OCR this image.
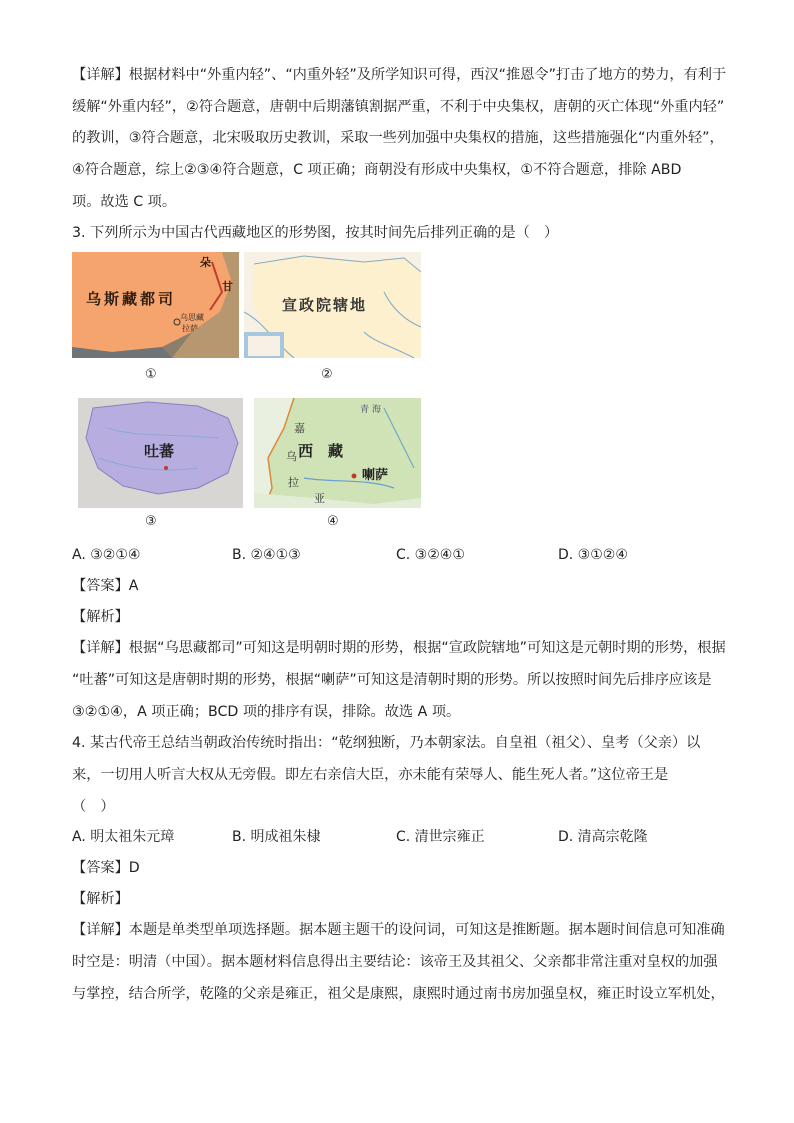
【详解】根据材料中“外重内轻”、“内重外轻”及所学知识可得，西汉“推恩令”打击了地方的势力，有利于
缓解“外重内轻”，②符合题意，唐朝中后期藩镇割据严重，不利于中央集权，唐朝的灭亡体现“外重内轻”
的教训，③符合题意，北宋吸取历史教训，采取一些列加强中央集权的措施，这些措施强化“内重外轻”，
④符合题意，综上②③④符合题意，C 项正确；商朝没有形成中央集权，①不符合题意，排除 ABD
项。故选 C 项。
3. 下列所示为中国古代西藏地区的形势图，按其时间先后排列正确的是（　）
乌斯藏都司
乌思藏
拉萨
朵
甘
①
宣政院辖地
②
吐蕃
③
西　藏
喇萨
青 海
嘉
乌
拉
亚
④
A. ③②①④	B. ②④①③	C. ③②④①	D. ③①②④
【答案】A
【解析】
【详解】根据“乌思藏都司”可知这是明朝时期的形势，根据“宣政院辖地”可知这是元朝时期的形势，根据
“吐蕃”可知这是唐朝时期的形势，根据“喇萨”可知这是清朝时期的形势。所以按照时间先后排序应该是
③②①④，A 项正确；BCD 项的排序有误，排除。故选 A 项。
4. 某古代帝王总结当朝政治传统时指出：“乾纲独断，乃本朝家法。自皇祖（祖父）、皇考（父亲）以
来，一切用人听言大权从无旁假。即左右亲信大臣，亦未能有荣辱人、能生死人者。”这位帝王是
（　）
A. 明太祖朱元璋	B. 明成祖朱棣	C. 清世宗雍正	D. 清高宗乾隆
【答案】D
【解析】
【详解】本题是单类型单项选择题。据本题主题干的设问词，可知这是推断题。据本题时间信息可知准确
时空是：明清（中国）。据本题材料信息得出主要结论：该帝王及其祖父、父亲都非常注重对皇权的加强
与掌控，结合所学，乾隆的父亲是雍正，祖父是康熙，康熙时通过南书房加强皇权，雍正时设立军机处，
